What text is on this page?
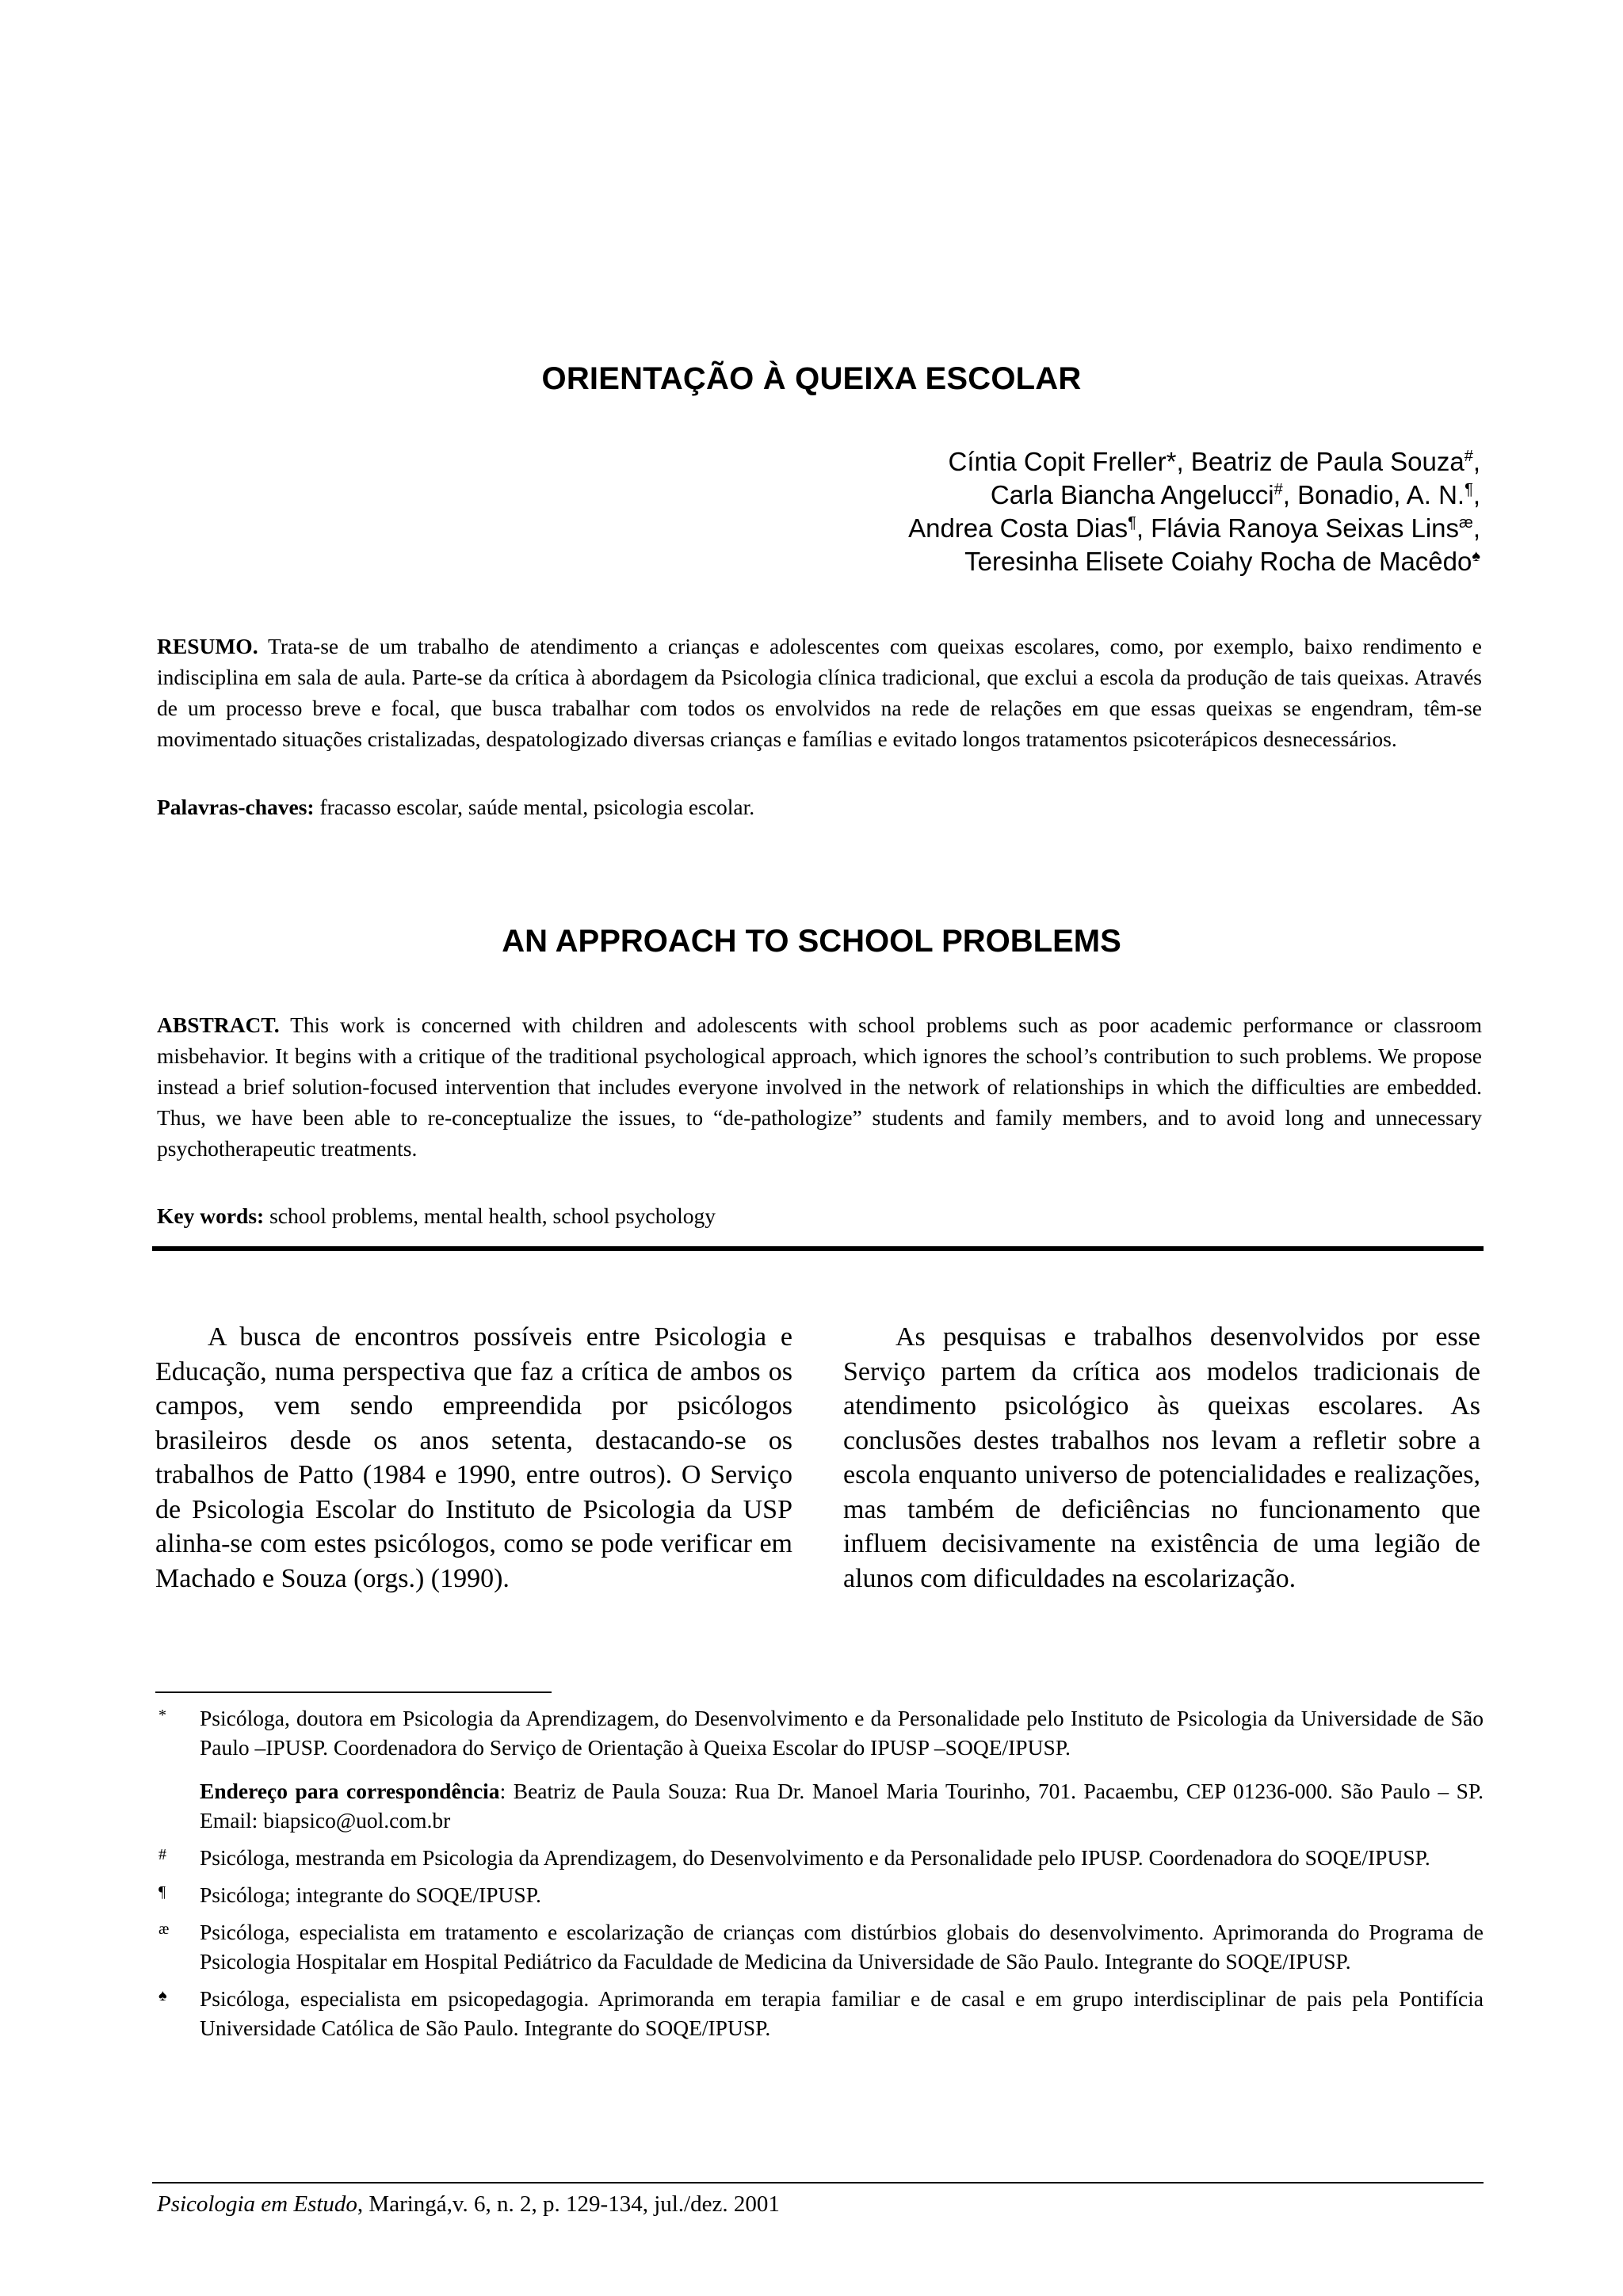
ORIENTAÇÃO À QUEIXA ESCOLAR
Cíntia Copit Freller*, Beatriz de Paula Souza#,
Carla Biancha Angelucci#, Bonadio, A. N.¶,
Andrea Costa Dias¶, Flávia Ranoya Seixas Lins$^æ$,
Teresinha Elisete Coiahy Rocha de Macêdo♠
RESUMO. Trata-se de um trabalho de atendimento a crianças e adolescentes com queixas escolares, como, por exemplo, baixo rendimento e indisciplina em sala de aula. Parte-se da crítica à abordagem da Psicologia clínica tradicional, que exclui a escola da produção de tais queixas. Através de um processo breve e focal, que busca trabalhar com todos os envolvidos na rede de relações em que essas queixas se engendram, têm-se movimentado situações cristalizadas, despatologizado diversas crianças e famílias e evitado longos tratamentos psicoterápicos desnecessários.
Palavras-chaves: fracasso escolar, saúde mental, psicologia escolar.
AN APPROACH TO SCHOOL PROBLEMS
ABSTRACT. This work is concerned with children and adolescents with school problems such as poor academic performance or classroom misbehavior. It begins with a critique of the traditional psychological approach, which ignores the school’s contribution to such problems. We propose instead a brief solution-focused intervention that includes everyone involved in the network of relationships in which the difficulties are embedded. Thus, we have been able to re-conceptualize the issues, to “de-pathologize” students and family members, and to avoid long and unnecessary psychotherapeutic treatments.
Key words: school problems, mental health, school psychology

A busca de encontros possíveis entre Psicologia e Educação, numa perspectiva que faz a crítica de ambos os campos, vem sendo empreendida por psicólogos brasileiros desde os anos setenta, destacando-se os trabalhos de Patto (1984 e 1990, entre outros). O Serviço de Psicologia Escolar do Instituto de Psicologia da USP alinha-se com estes psicólogos, como se pode verificar em Machado e Souza (orgs.) (1990).

As pesquisas e trabalhos desenvolvidos por esse Serviço partem da crítica aos modelos tradicionais de atendimento psicológico às queixas escolares. As conclusões destes trabalhos nos levam a refletir sobre a escola enquanto universo de potencialidades e realizações, mas também de deficiências no funcionamento que influem decisivamente na existência de uma legião de alunos com dificuldades na escolarização.

*	Psicóloga, doutora em Psicologia da Aprendizagem, do Desenvolvimento e da Personalidade pelo Instituto de Psicologia da Universidade de São Paulo –IPUSP. Coordenadora do Serviço de Orientação à Queixa Escolar do IPUSP –SOQE/IPUSP.
Endereço para correspondência: Beatriz de Paula Souza: Rua Dr. Manoel Maria Tourinho, 701. Pacaembu, CEP 01236-000. São Paulo – SP. Email: biapsico@uol.com.br
#	Psicóloga, mestranda em Psicologia da Aprendizagem, do Desenvolvimento e da Personalidade pelo IPUSP. Coordenadora do SOQE/IPUSP.
¶	Psicóloga; integrante do SOQE/IPUSP.
æ	Psicóloga, especialista em tratamento e escolarização de crianças com distúrbios globais do desenvolvimento. Aprimoranda do Programa de Psicologia Hospitalar em Hospital Pediátrico da Faculdade de Medicina da Universidade de São Paulo. Integrante do SOQE/IPUSP.
♠	Psicóloga, especialista em psicopedagogia. Aprimoranda em terapia familiar e de casal e em grupo interdisciplinar de pais pela Pontifícia Universidade Católica de São Paulo. Integrante do SOQE/IPUSP.
Psicologia em Estudo, Maringá,v. 6, n. 2, p. 129-134, jul./dez. 2001
